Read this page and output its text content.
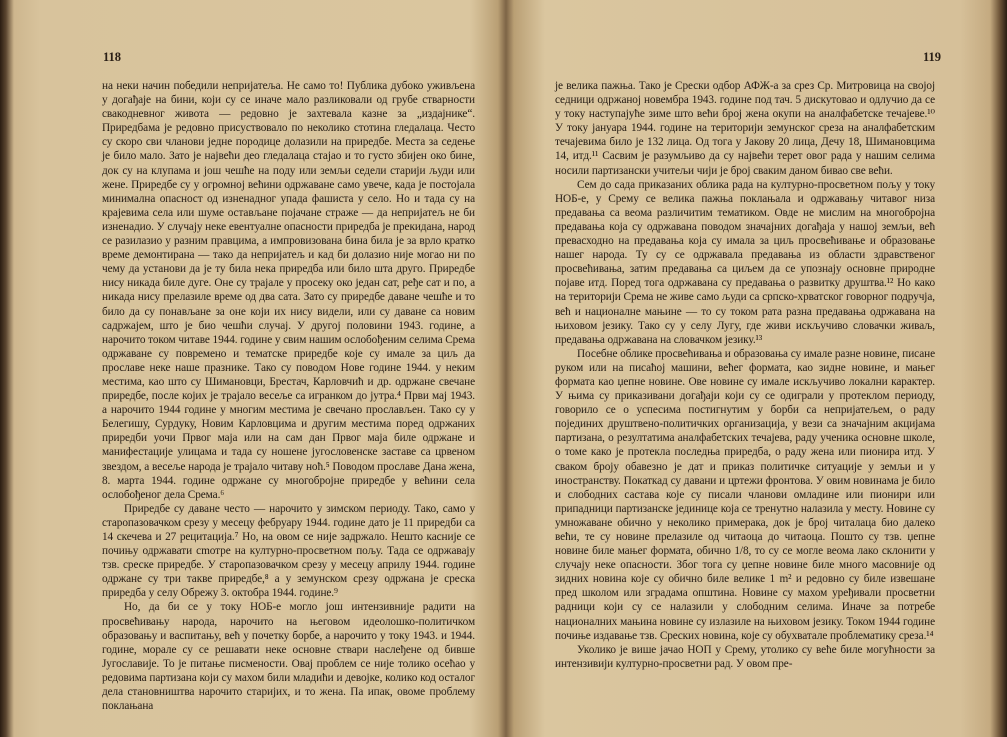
118

на неки начин победили непријатеља. Не само то! Публика дубоко уживљена у догађаје на бини, који су се иначе мало разликовали од грубе стварности свакодневног живота — редовно је захтевала казне за „издајнике“. Приредбама је редовно присуствовало по неколико стотина гледалаца. Често су скоро сви чланови једне породице долазили на приредбе. Места за седење је било мало. Зато је највећи део гледалаца стајао и то густо збијен око бине, док су на клупама и још чешће на поду или земљи седели старији људи или жене. Приредбе су у огромној већини одржаване само увече, када је постојала минимална опасност од изненадног упада фашиста у село. Но и тада су на крајевима села или шуме остављане појачане страже — да непријатељ не би изненадио. У случају неке евентуалне опасности приредба је прекидана, народ се разилазио у разним правцима, а импровизована бина била је за врло кратко време демонтирана — тако да непријатељ и кад би долазио није могао ни по чему да установи да је ту била нека приредба или било шта друго. Приредбе нису никада биле дуге. Оне су трајале у просеку око један сат, ређе сат и по, а никада нису прелазиле време од два сата. Зато су приредбе даване чешће и то било да су понављане за оне који их нису видели, или су даване са новим садржајем, што је био чешћи случај. У другој половини 1943. године, а нарочито током читаве 1944. године у свим нашим ослобођеним селима Срема одржаване су повремено и тематске приредбе које су имале за циљ да прославе неке наше празнике. Тако су поводом Нове године 1944. у неким местима, као што су Шимановци, Брестач, Карловчић и др. одржане свечане приредбе, после којих је трајало весеље са игранком до јутра.⁴ Први мај 1943. а нарочито 1944 године у многим местима је свечано прослављен. Тако су у Белегишу, Сурдуку, Новим Карловцима и другим местима поред одржаних приредби уочи Првог маја или на сам дан Првог маја биле одржане и манифестације улицама и тада су ношене југословенске заставе са црвеном звездом, а весеље народа је трајало читаву ноћ.⁵ Поводом прославе Дана жена, 8. марта 1944. године одржане су многобројне приредбе у већини села ослобођеног дела Срема.⁶

Приредбе су даване често — нарочито у зимском периоду. Тако, само у старопазовачком срезу у месецу фебруару 1944. године дато је 11 приредби са 14 скечева и 27 рецитација.⁷ Но, на овом се није задржало. Нешто касније се почињу одржавати сmотре на културно-просветном пољу. Тада се одржавају тзв. среске приредбе. У старопазовачком срезу у месецу априлу 1944. године одржане су три такве приредбе,⁸ а у земунском срезу одржана је среска приредба у селу Обрежу 3. октобра 1944. године.⁹

Но, да би се у току НОБ-е могло још интензивније радити на просвећивању народа, нарочито на његовом идеолошко-политичком образовању и васпитању, већ у почетку борбе, а нарочито у току 1943. и 1944. године, морале су се решавати неке основне ствари наслеђене од бивше Југославије. То је питање писмености. Овај проблем се није толико осећао у редовима партизана који су махом били младићи и девојке, колико код осталог дела становништва нарочито старијих, и то жена. Па ипак, овоме проблему поклањана

119

је велика пажња. Тако је Срески одбор АФЖ-а за срез Ср. Митровица на својој седници одржаној новембра 1943. године под тач. 5 дискутовао и одлучио да се у току наступајуће зиме што већи број жена окупи на аналфабетске течајеве.¹⁰ У току јануара 1944. године на територији земунског среза на аналфабетским течајевима било је 132 лица. Од тога у Јакову 20 лица, Дечу 18, Шимановцима 14, итд.¹¹ Сасвим је разумљиво да су највећи терет овог рада у нашим селима носили партизански учитељи чији је број сваким даном бивао све већи.

Сем до сада приказаних облика рада на културно-просветном пољу у току НОБ-е, у Срему се велика пажња поклањала и одржавању читавог низа предавања са веома различитим тематиком. Овде не мислим на многобројна предавања која су одржавана поводом значајних догађаја у нашој земљи, већ превасходно на предавања која су имала за циљ просвећивање и образовање нашег народа. Ту су се одржавала предавања из области здравственог просвећивања, затим предавања са циљем да се упознају основне природне појаве итд. Поред тога одржавана су предавања о развитку друштва.¹² Но како на територији Срема не живе само људи са српско-хрватског говорног подручја, већ и националне мањине — то су током рата разна предавања одржавана на њиховом језику. Тако су у селу Лугу, где живи искључиво словачки живаљ, предавања одржавана на словачком језику.¹³

Посебне облике просвећивања и образовања су имале разне новине, писане руком или на писаћој машини, већег формата, као зидне новине, и мањег формата као џепне новине. Ове новине су имале искључиво локални карактер. У њима су приказивани догађаји који су се одигрaли у протеклом периоду, говорило се о успесима постигнутим у борби са непријатељем, о раду појединих друштвено-политичких организација, у вези са значајним акцијама партизана, о резултатима аналфабетских течајева, раду ученика основне школе, о томе како је протекла последња приредба, о раду жена или пионира итд. У сваком броју обавезно је дат и приказ политичке ситуације у земљи и у иностранству. Покаткад су давани и цртежи фронтова. У овим новинама је било и слободних састава које су писали чланови омладине или пионири или припадници партизанске јединице која се тренутно налазила у месту. Новине су умножаване обично у неколико примерака, док је број читалаца био далеко већи, те су новине прелазиле од читаоца до читаоца. Пошто су тзв. џепне новине биле мањег формата, обично 1/8, то су се могле веома лако склонити у случају неке опасности. Због тога су џепне новине биле много масовније од зидних новина које су обично биле велике 1 m² и редовно су биле извешане пред школом или зградама општина. Новине су махом уређивали просветни радници који су се налазили у слободним селима. Иначе за потребе националних мањина новине су излазиле на њиховом језику. Током 1944 године почиње издавање тзв. Срeских новина, које су обухватале проблематику среза.¹⁴

Уколико је више јачао НОП у Срему, утолико су веће биле могућности за интензивији културно-просветни рад. У овом пре-
